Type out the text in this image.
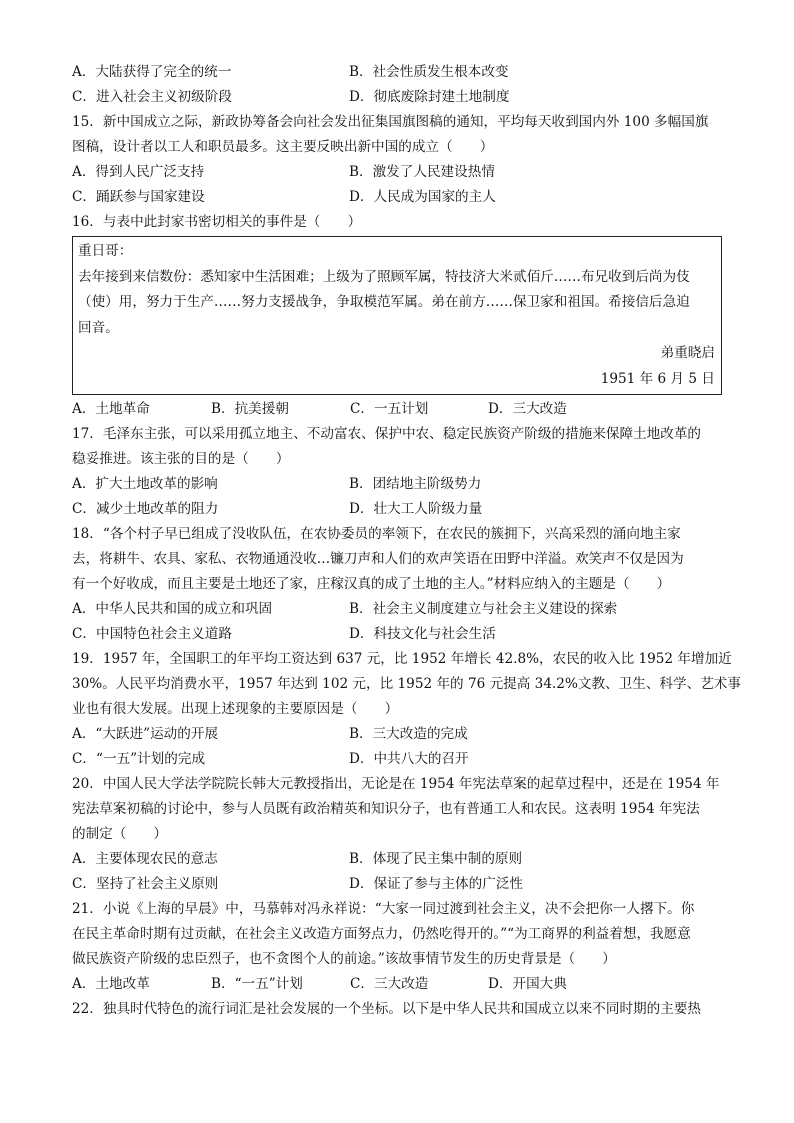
A．大陆获得了完全的统一	B．社会性质发生根本改变
C．进入社会主义初级阶段	D．彻底废除封建土地制度
15．新中国成立之际，新政协筹备会向社会发出征集国旗图稿的通知，平均每天收到国内外 100 多幅国旗
图稿，设计者以工人和职员最多。这主要反映出新中国的成立（　　）
A．得到人民广泛支持	B．激发了人民建设热情
C．踊跃参与国家建设	D．人民成为国家的主人
16．与表中此封家书密切相关的事件是（　　）
重日哥：
去年接到来信数份：悉知家中生活困难；上级为了照顾军属，特技济大米贰佰斤……布兄收到后尚为伎
（使）用，努力于生产……努力支援战争，争取模范军属。弟在前方……保卫家和祖国。希接信后急迫
回音。
弟重晓启
1951 年 6 月 5 日
A．土地革命	B．抗美援朝	C．一五计划	D．三大改造
17．毛泽东主张，可以采用孤立地主、不动富农、保护中农、稳定民族资产阶级的措施来保障土地改革的
稳妥推进。该主张的目的是（　　）
A．扩大土地改革的影响	B．团结地主阶级势力
C．减少土地改革的阻力	D．壮大工人阶级力量
18．“各个村子早已组成了没收队伍，在农协委员的率领下，在农民的簇拥下，兴高采烈的涌向地主家
去，将耕牛、农具、家私、衣物通通没收…镰刀声和人们的欢声笑语在田野中洋溢。欢笑声不仅是因为
有一个好收成，而且主要是土地还了家，庄稼汉真的成了土地的主人。”材料应纳入的主题是（　　）
A．中华人民共和国的成立和巩固	B．社会主义制度建立与社会主义建设的探索
C．中国特色社会主义道路	D．科技文化与社会生活
19．1957 年，全国职工的年平均工资达到 637 元，比 1952 年增长 42.8%，农民的收入比 1952 年增加近
30%。人民平均消费水平，1957 年达到 102 元，比 1952 年的 76 元提高 34.2%文教、卫生、科学、艺术事
业也有很大发展。出现上述现象的主要原因是（　　）
A．“大跃进”运动的开展	B．三大改造的完成
C．“一五”计划的完成	D．中共八大的召开
20．中国人民大学法学院院长韩大元教授指出，无论是在 1954 年宪法草案的起草过程中，还是在 1954 年
宪法草案初稿的讨论中，参与人员既有政治精英和知识分子，也有普通工人和农民。这表明 1954 年宪法
的制定（　　）
A．主要体现农民的意志	B．体现了民主集中制的原则
C．坚持了社会主义原则	D．保证了参与主体的广泛性
21．小说《上海的早晨》中，马慕韩对冯永祥说：“大家一同过渡到社会主义，决不会把你一人撂下。你
在民主革命时期有过贡献，在社会主义改造方面努点力，仍然吃得开的。”“为工商界的利益着想，我愿意
做民族资产阶级的忠臣烈子，也不贪图个人的前途。”该故事情节发生的历史背景是（　　）
A．土地改革	B．“一五”计划	C．三大改造	D．开国大典
22．独具时代特色的流行词汇是社会发展的一个坐标。以下是中华人民共和国成立以来不同时期的主要热
